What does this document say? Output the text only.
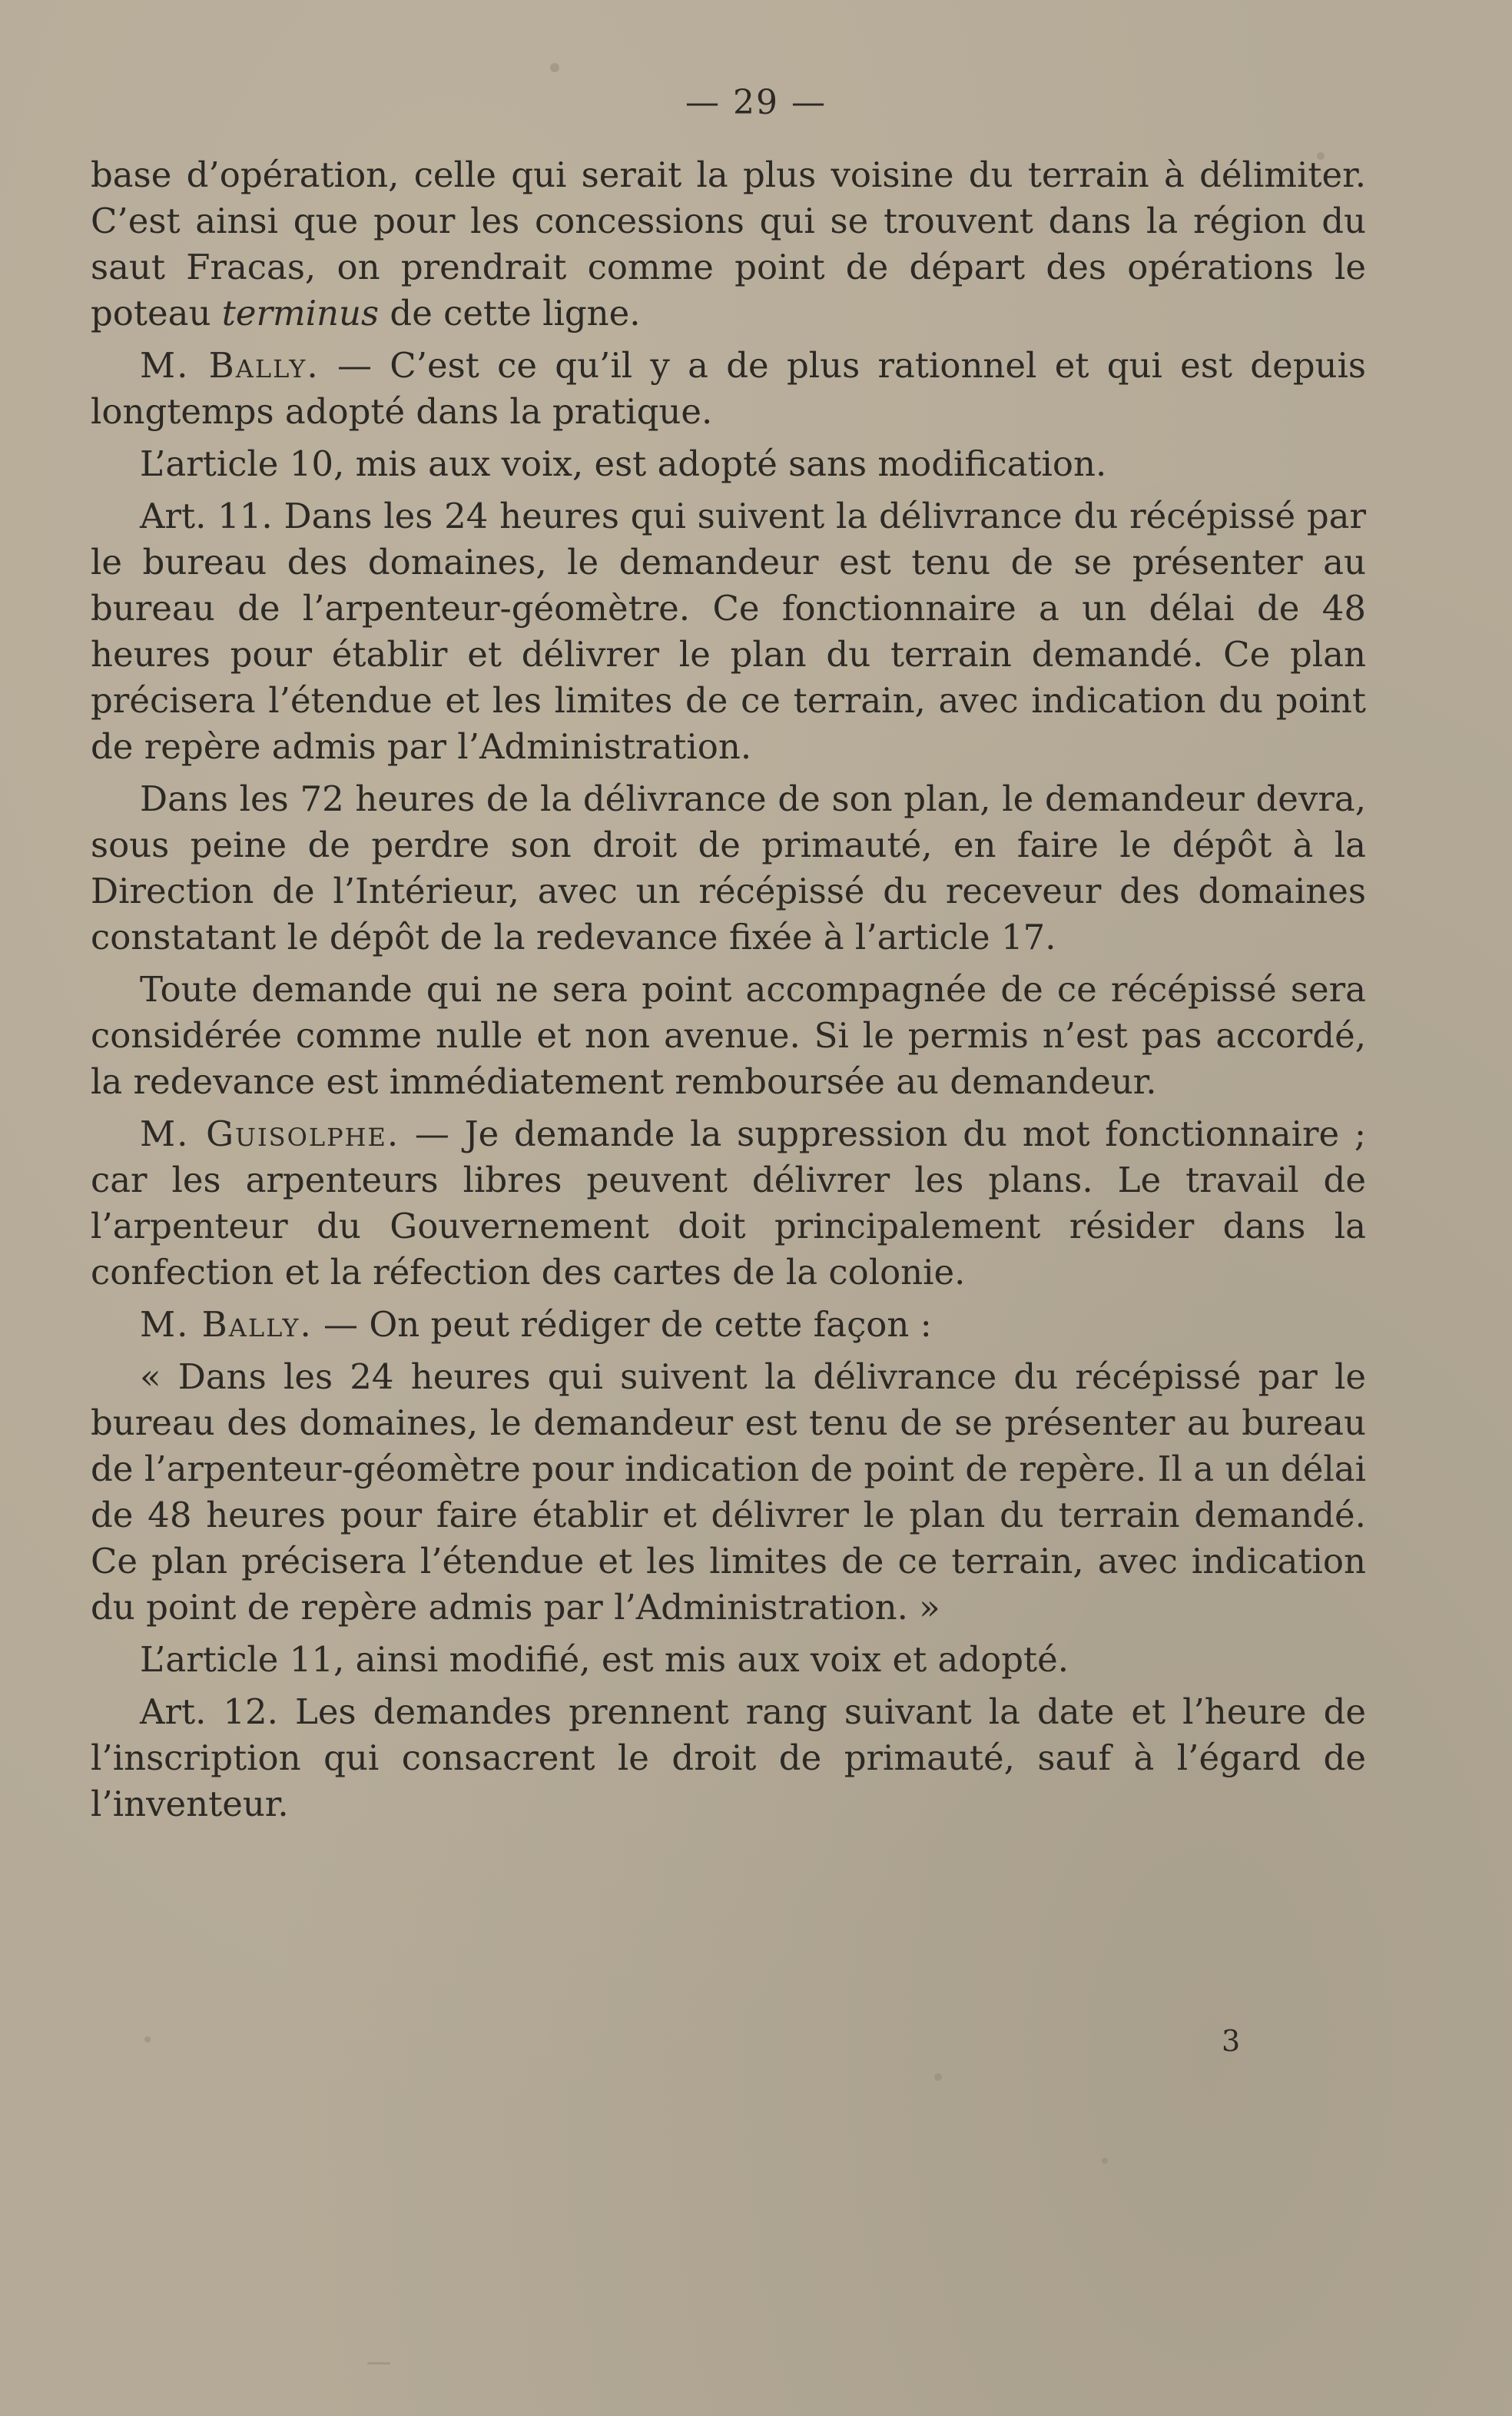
— 29 —

base d’opération, celle qui serait la plus voisine du terrain à délimiter. C’est ainsi que pour les concessions qui se trouvent dans la région du saut Fracas, on prendrait comme point de départ des opérations le poteau terminus de cette ligne.

M. Bally. — C’est ce qu’il y a de plus rationnel et qui est depuis longtemps adopté dans la pratique.

L’article 10, mis aux voix, est adopté sans modification.

Art. 11. Dans les 24 heures qui suivent la délivrance du récépissé par le bureau des domaines, le demandeur est tenu de se présenter au bureau de l’arpenteur-géomètre. Ce fonctionnaire a un délai de 48 heures pour établir et délivrer le plan du terrain demandé. Ce plan précisera l’étendue et les limites de ce terrain, avec indication du point de repère admis par l’Administration.

Dans les 72 heures de la délivrance de son plan, le demandeur devra, sous peine de perdre son droit de primauté, en faire le dépôt à la Direction de l’Intérieur, avec un récépissé du receveur des domaines constatant le dépôt de la redevance fixée à l’article 17.

Toute demande qui ne sera point accompagnée de ce récépissé sera considérée comme nulle et non avenue. Si le permis n’est pas accordé, la redevance est immédiatement remboursée au demandeur.

M. Guisolphe. — Je demande la suppression du mot fonctionnaire ; car les arpenteurs libres peuvent délivrer les plans. Le travail de l’arpenteur du Gouvernement doit principalement résider dans la confection et la réfection des cartes de la colonie.

M. Bally. — On peut rédiger de cette façon :

« Dans les 24 heures qui suivent la délivrance du récépissé par le bureau des domaines, le demandeur est tenu de se présenter au bureau de l’arpenteur-géomètre pour indication de point de repère. Il a un délai de 48 heures pour faire établir et délivrer le plan du terrain demandé. Ce plan précisera l’étendue et les limites de ce terrain, avec indication du point de repère admis par l’Administration. »

L’article 11, ainsi modifié, est mis aux voix et adopté.

Art. 12. Les demandes prennent rang suivant la date et l’heure de l’inscription qui consacrent le droit de primauté, sauf à l’égard de l’inventeur.

3
